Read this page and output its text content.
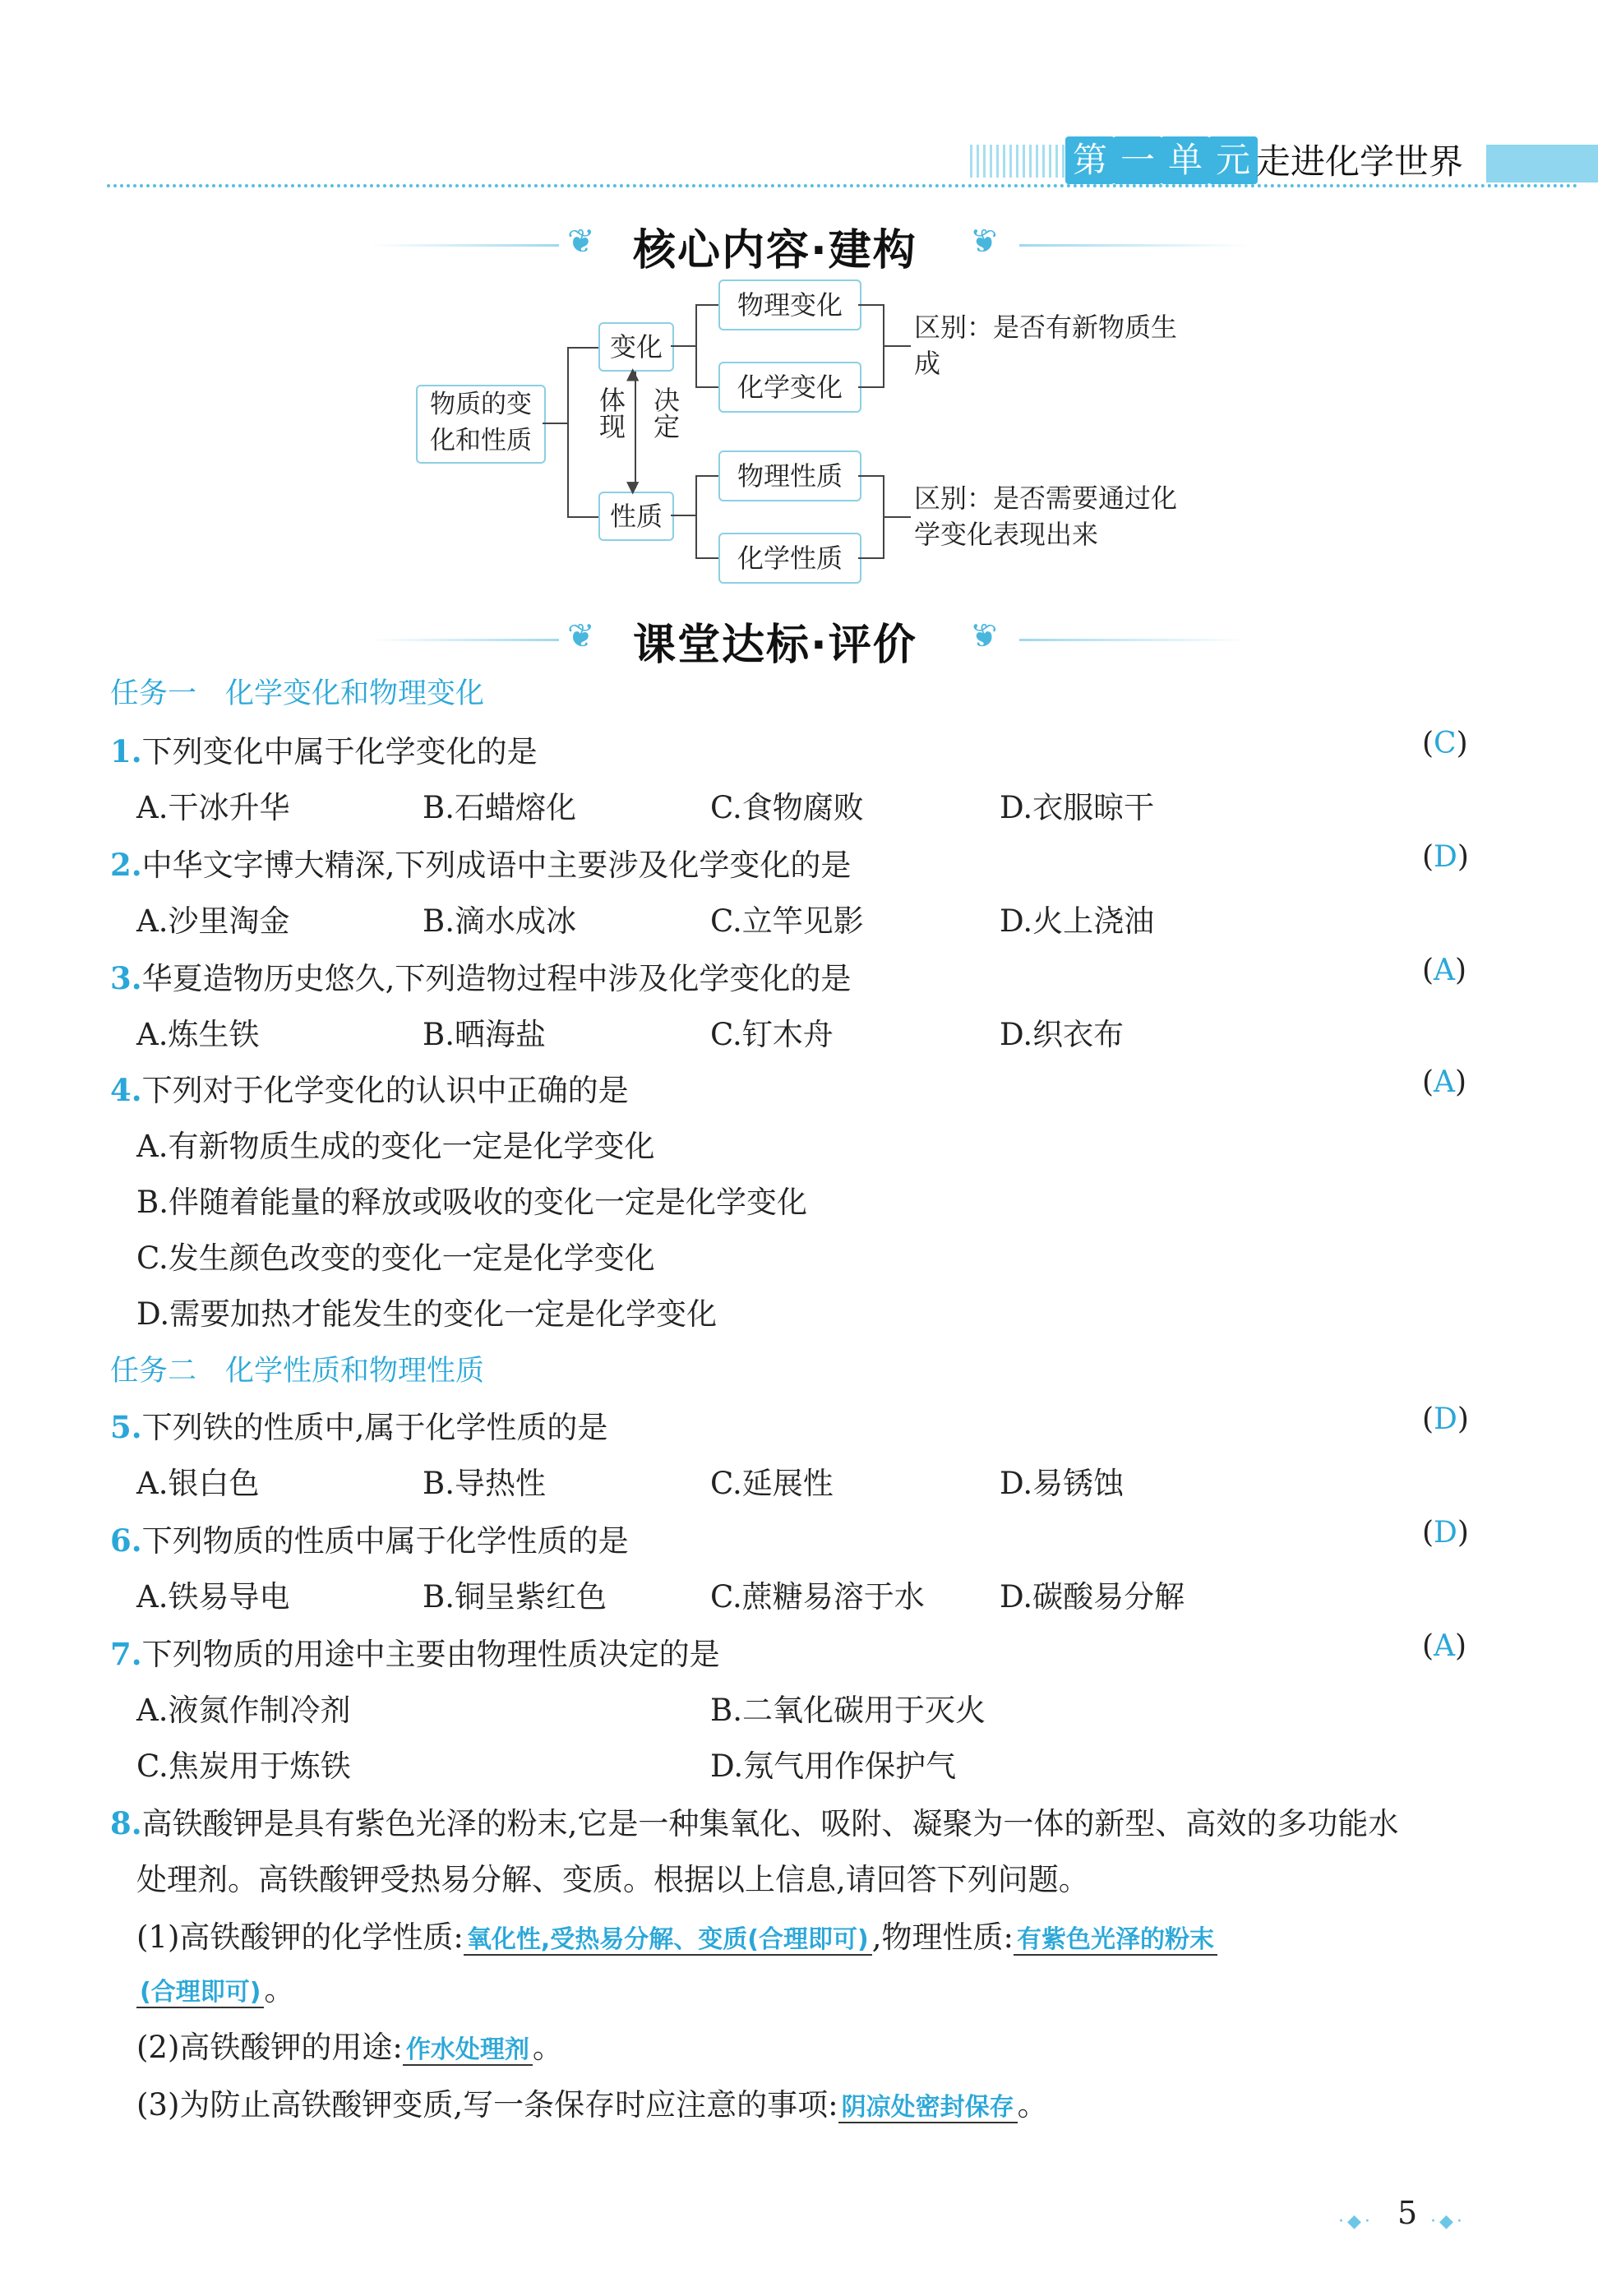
第 一 单 元 走进化学世界
❦ 核心内容·建构 ❦
物质的变化和性质
变化
性质
体现 决定
▲
▼
物理变化
化学变化
区别：是否有新物质生成
物理性质
化学性质
区别：是否需要通过化学变化表现出来
❦ 课堂达标·评价 ❦
任务一　化学变化和物理变化
1.下列变化中属于化学变化的是	(C)
A.干冰升华	B.石蜡熔化	C.食物腐败	D.衣服晾干
2.中华文字博大精深,下列成语中主要涉及化学变化的是	(D)
A.沙里淘金	B.滴水成冰	C.立竿见影	D.火上浇油
3.华夏造物历史悠久,下列造物过程中涉及化学变化的是	(A)
A.炼生铁	B.晒海盐	C.钉木舟	D.织衣布
4.下列对于化学变化的认识中正确的是	(A)
A.有新物质生成的变化一定是化学变化
B.伴随着能量的释放或吸收的变化一定是化学变化
C.发生颜色改变的变化一定是化学变化
D.需要加热才能发生的变化一定是化学变化
任务二　化学性质和物理性质
5.下列铁的性质中,属于化学性质的是	(D)
A.银白色	B.导热性	C.延展性	D.易锈蚀
6.下列物质的性质中属于化学性质的是	(D)
A.铁易导电	B.铜呈紫红色	C.蔗糖易溶于水 D.碳酸易分解
7.下列物质的用途中主要由物理性质决定的是	(A)
A.液氮作制冷剂	B.二氧化碳用于灭火
C.焦炭用于炼铁	D.氖气用作保护气
8.高铁酸钾是具有紫色光泽的粉末,它是一种集氧化、吸附、凝聚为一体的新型、高效的多功能水
处理剂。高铁酸钾受热易分解、变质。根据以上信息,请回答下列问题。
(1)高铁酸钾的化学性质: 氧化性,受热易分解、变质(合理即可) ,物理性质: 有紫色光泽的粉末
(合理即可) 。
(2)高铁酸钾的用途: 作水处理剂 。
(3)为防止高铁酸钾变质,写一条保存时应注意的事项: 阴凉处密封保存 。
·◆· 5 ·◆·
